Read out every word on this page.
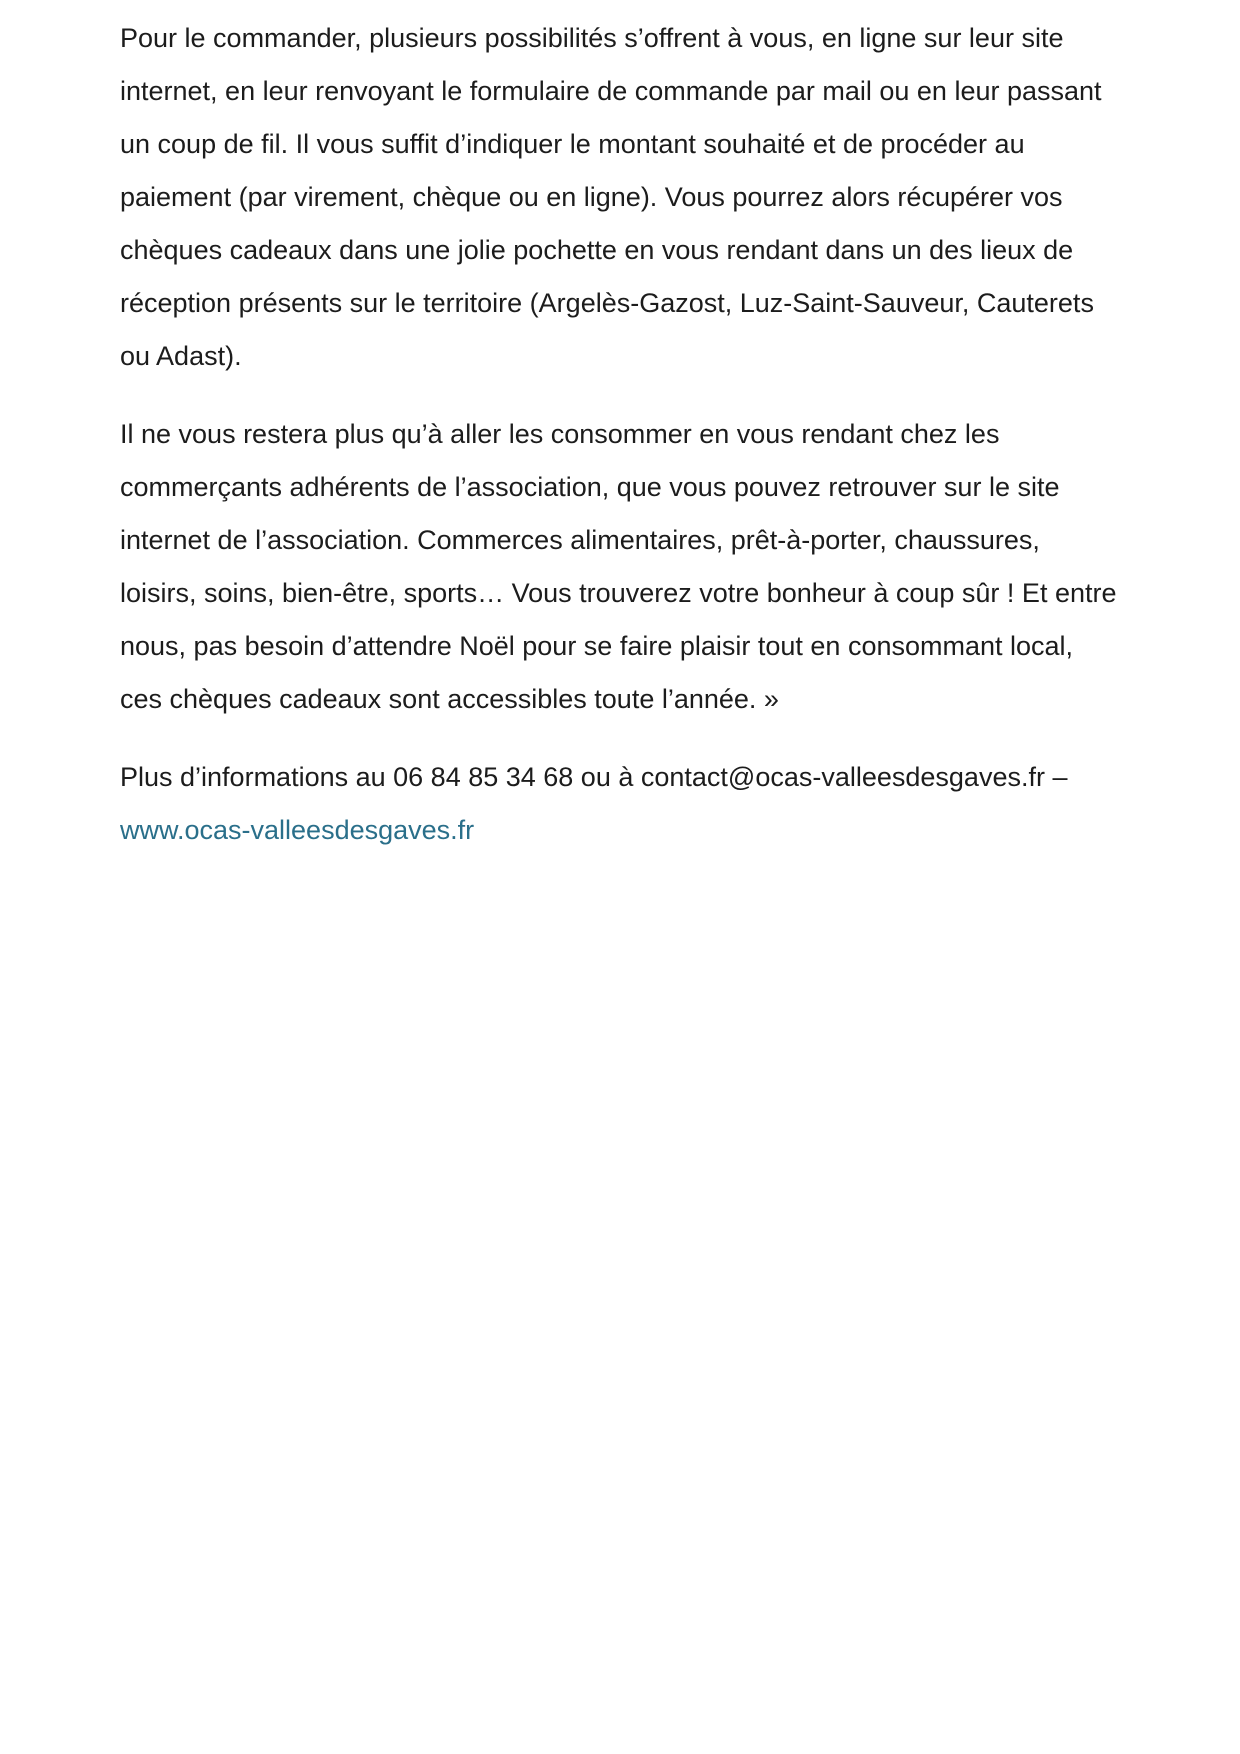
Pour le commander, plusieurs possibilités s’offrent à vous, en ligne sur leur site internet, en leur renvoyant le formulaire de commande par mail ou en leur passant un coup de fil. Il vous suffit d’indiquer le montant souhaité et de procéder au paiement (par virement, chèque ou en ligne). Vous pourrez alors récupérer vos chèques cadeaux dans une jolie pochette en vous rendant dans un des lieux de réception présents sur le territoire (Argelès-Gazost, Luz-Saint-Sauveur, Cauterets ou Adast).

Il ne vous restera plus qu’à aller les consommer en vous rendant chez les commerçants adhérents de l’association, que vous pouvez retrouver sur le site internet de l’association. Commerces alimentaires, prêt-à-porter, chaussures, loisirs, soins, bien-être, sports… Vous trouverez votre bonheur à coup sûr ! Et entre nous, pas besoin d’attendre Noël pour se faire plaisir tout en consommant local, ces chèques cadeaux sont accessibles toute l’année. »

Plus d’informations au 06 84 85 34 68 ou à contact@ocas-valleesdesgaves.fr – www.ocas-valleesdesgaves.fr
